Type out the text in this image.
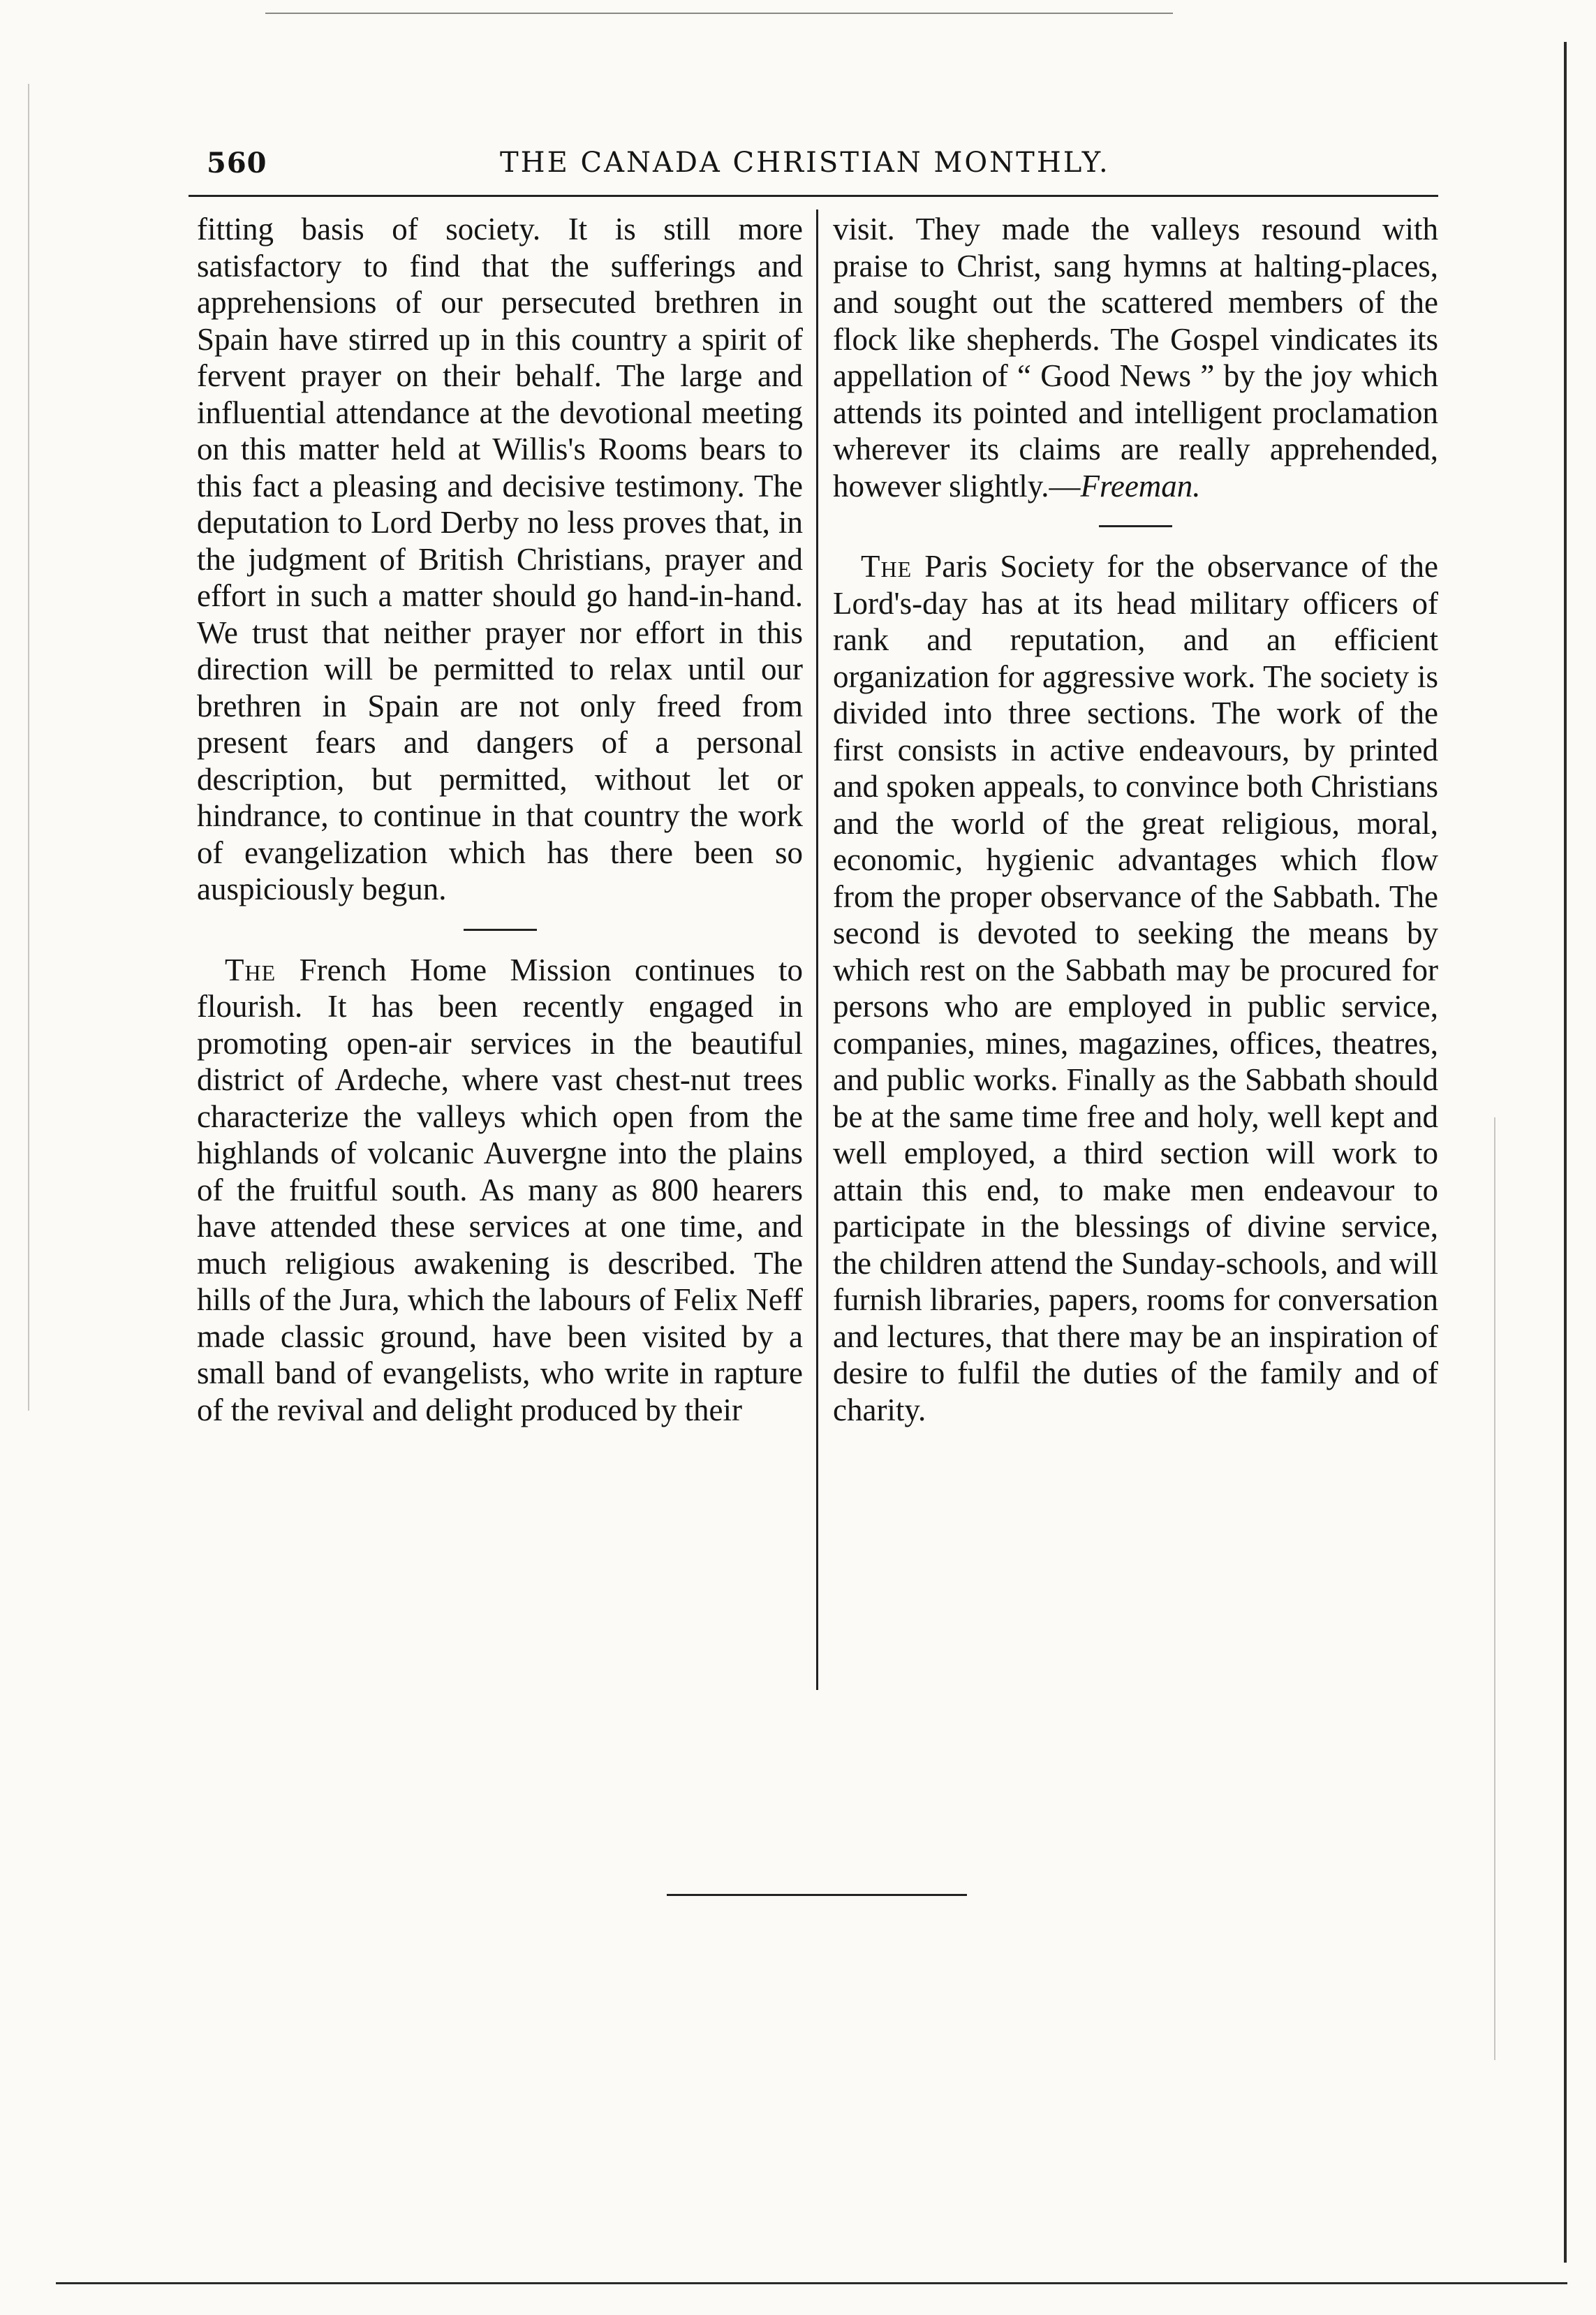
560	THE CANADA CHRISTIAN MONTHLY.

fitting basis of society. It is still more satisfactory to find that the sufferings and apprehensions of our persecuted brethren in Spain have stirred up in this country a spirit of fervent prayer on their behalf. The large and influential attendance at the devotional meeting on this matter held at Willis's Rooms bears to this fact a pleasing and decisive testimony. The deputation to Lord Derby no less proves that, in the judgment of British Christians, prayer and effort in such a matter should go hand-in-hand. We trust that neither prayer nor effort in this direction will be permitted to relax until our brethren in Spain are not only freed from present fears and dangers of a personal description, but permitted, without let or hindrance, to continue in that country the work of evangelization which has there been so auspiciously begun.

The French Home Mission continues to flourish. It has been recently engaged in promoting open-air services in the beautiful district of Ardeche, where vast chest-nut trees characterize the valleys which open from the highlands of volcanic Auvergne into the plains of the fruitful south. As many as 800 hearers have attended these services at one time, and much religious awakening is described. The hills of the Jura, which the labours of Felix Neff made classic ground, have been visited by a small band of evangelists, who write in rapture of the revival and delight produced by their

visit. They made the valleys resound with praise to Christ, sang hymns at halting-places, and sought out the scattered members of the flock like shepherds. The Gospel vindicates its appellation of “ Good News ” by the joy which attends its pointed and intelligent proclamation wherever its claims are really apprehended, however slightly.—Freeman.

The Paris Society for the observance of the Lord's-day has at its head military officers of rank and reputation, and an efficient organization for aggressive work. The society is divided into three sections. The work of the first consists in active endeavours, by printed and spoken appeals, to convince both Christians and the world of the great religious, moral, economic, hygienic advantages which flow from the proper observance of the Sabbath. The second is devoted to seeking the means by which rest on the Sabbath may be procured for persons who are employed in public service, companies, mines, magazines, offices, theatres, and public works. Finally as the Sabbath should be at the same time free and holy, well kept and well employed, a third section will work to attain this end, to make men endeavour to participate in the blessings of divine service, the children attend the Sunday-schools, and will furnish libraries, papers, rooms for conversation and lectures, that there may be an inspiration of desire to fulfil the duties of the family and of charity.
